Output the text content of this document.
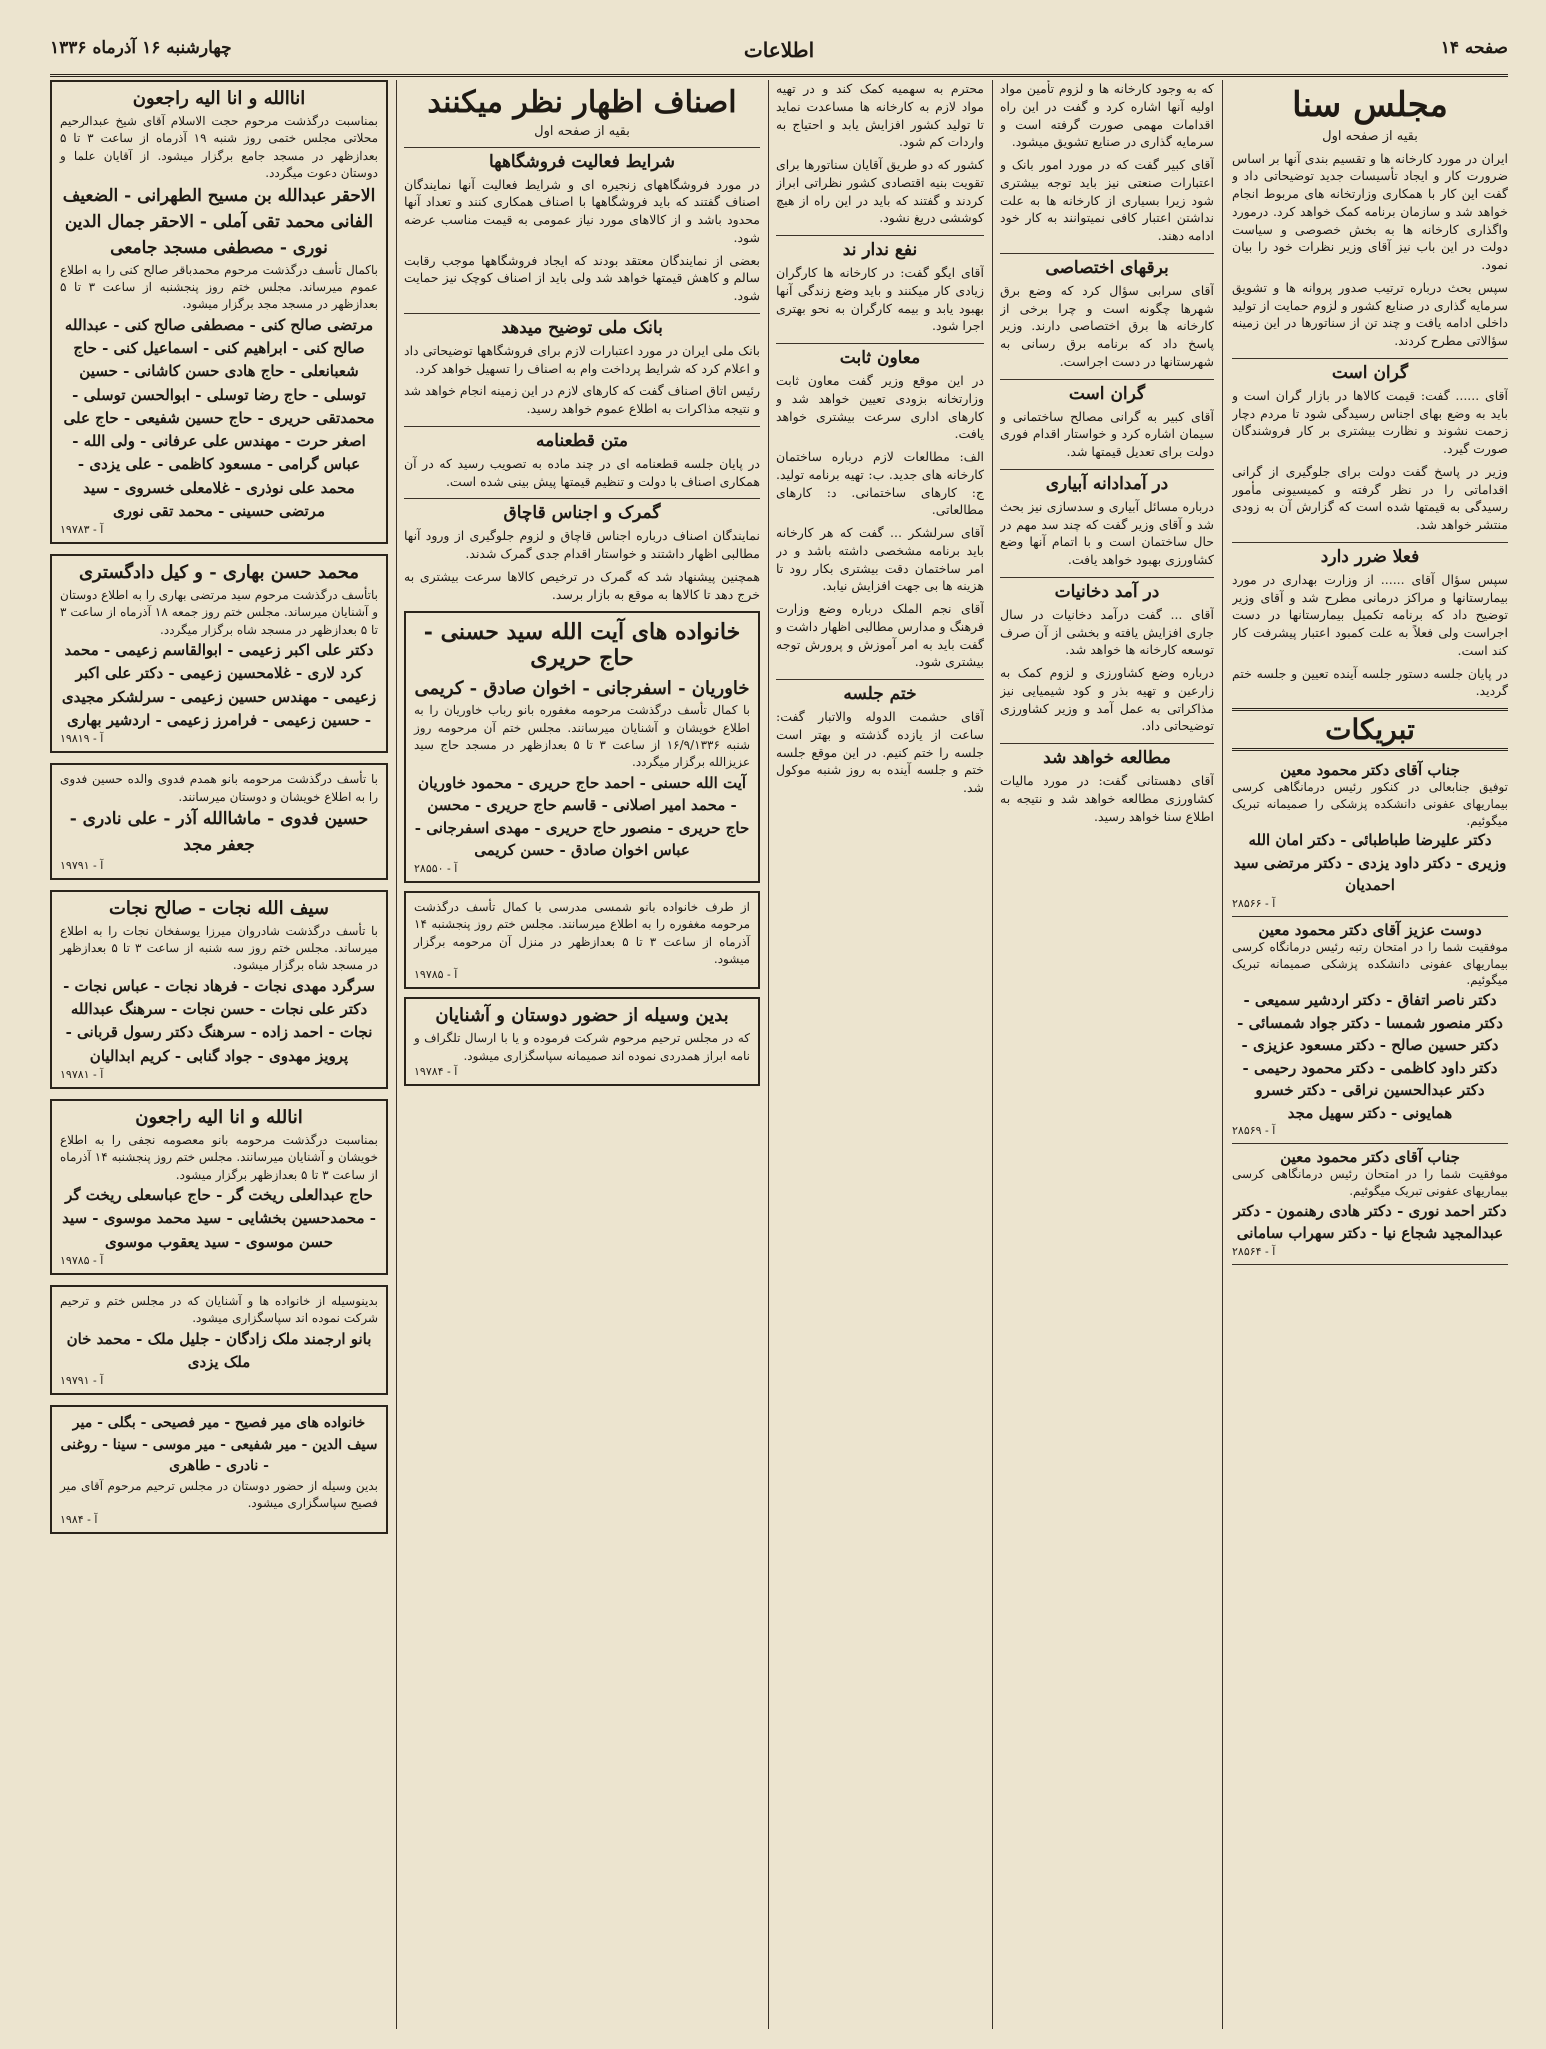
چهارشنبه ۱۶ آذرماه ۱۳۳۶	اطلاعات	صفحه ۱۴
مجلس سنا
بقیه از صفحه اول

ایران در مورد کارخانه ها و تقسیم بندی آنها بر اساس ضرورت کار و ایجاد تأسیسات جدید توضیحاتی داد و گفت این کار با همکاری وزارتخانه های مربوط انجام خواهد شد و سازمان برنامه کمک خواهد کرد. درمورد واگذاری کارخانه ها به بخش خصوصی و سیاست دولت در این باب نیز آقای وزیر نظرات خود را بیان نمود.

سپس بحث درباره ترتیب صدور پروانه ها و تشویق سرمایه گذاری در صنایع کشور و لزوم حمایت از تولید داخلی ادامه یافت و چند تن از سناتورها در این زمینه سؤالاتی مطرح کردند.

گران است

آقای ...... گفت: قیمت کالاها در بازار گران است و باید به وضع بهای اجناس رسیدگی شود تا مردم دچار زحمت نشوند و نظارت بیشتری بر کار فروشندگان صورت گیرد.

وزیر در پاسخ گفت دولت برای جلوگیری از گرانی اقداماتی را در نظر گرفته و کمیسیونی مأمور رسیدگی به قیمتها شده است که گزارش آن به زودی منتشر خواهد شد.

فعلا ضرر دارد

سپس سؤال آقای ...... از وزارت بهداری در مورد بیمارستانها و مراکز درمانی مطرح شد و آقای وزیر توضیح داد که برنامه تکمیل بیمارستانها در دست اجراست ولی فعلاً به علت کمبود اعتبار پیشرفت کار کند است.

در پایان جلسه دستور جلسه آینده تعیین و جلسه ختم گردید.

تبریکات
جناب آقای دکتر محمود معین
توفیق جنابعالی در کنکور رئیس درمانگاهی کرسی بیماریهای عفونی دانشکده پزشکی را صمیمانه تبریک میگوئیم.
دکتر علیرضا طباطبائی - دکتر امان الله وزیری - دکتر داود یزدی - دکتر مرتضی سید احمدیان
آ - ۲۸۵۶۶
دوست عزیز آقای دکتر محمود معین
موفقیت شما را در امتحان رتبه رئیس درمانگاه کرسی بیماریهای عفونی دانشکده پزشکی صمیمانه تبریک میگوئیم.
دکتر ناصر اتفاق - دکتر اردشیر سمیعی - دکتر منصور شمسا - دکتر جواد شمسائی - دکتر حسین صالح - دکتر مسعود عزیزی - دکتر داود کاظمی - دکتر محمود رحیمی - دکتر عبدالحسین نراقی - دکتر خسرو همایونی - دکتر سهیل مجد
آ - ۲۸۵۶۹
جناب آقای دکتر محمود معین
موفقیت شما را در امتحان رئیس درمانگاهی کرسی بیماریهای عفونی تبریک میگوئیم.
دکتر احمد نوری - دکتر هادی رهنمون - دکتر عبدالمجید شجاع نیا - دکتر سهراب سامانی
آ - ۲۸۵۶۴

که به وجود کارخانه ها و لزوم تأمین مواد اولیه آنها اشاره کرد و گفت در این راه اقدامات مهمی صورت گرفته است و سرمایه گذاری در صنایع تشویق میشود.

آقای کبیر گفت که در مورد امور بانک و اعتبارات صنعتی نیز باید توجه بیشتری شود زیرا بسیاری از کارخانه ها به علت نداشتن اعتبار کافی نمیتوانند به کار خود ادامه دهند.

برقهای اختصاصی

آقای سرابی سؤال کرد که وضع برق شهرها چگونه است و چرا برخی از کارخانه ها برق اختصاصی دارند. وزیر پاسخ داد که برنامه برق رسانی به شهرستانها در دست اجراست.

گران است

آقای کبیر به گرانی مصالح ساختمانی و سیمان اشاره کرد و خواستار اقدام فوری دولت برای تعدیل قیمتها شد.

در آمدادانه آبیاری

درباره مسائل آبیاری و سدسازی نیز بحث شد و آقای وزیر گفت که چند سد مهم در حال ساختمان است و با اتمام آنها وضع کشاورزی بهبود خواهد یافت.

در آمد دخانیات

آقای ... گفت درآمد دخانیات در سال جاری افزایش یافته و بخشی از آن صرف توسعه کارخانه ها خواهد شد.

درباره وضع کشاورزی و لزوم کمک به زارعین و تهیه بذر و کود شیمیایی نیز مذاکراتی به عمل آمد و وزیر کشاورزی توضیحاتی داد.

مطالعه خواهد شد

آقای دهستانی گفت: در مورد مالیات کشاورزی مطالعه خواهد شد و نتیجه به اطلاع سنا خواهد رسید.

محترم به سهمیه کمک کند و در تهیه مواد لازم به کارخانه ها مساعدت نماید تا تولید کشور افزایش یابد و احتیاج به واردات کم شود.

کشور که دو طریق آقایان سناتورها برای تقویت بنیه اقتصادی کشور نظراتی ابراز کردند و گفتند که باید در این راه از هیچ کوششی دریغ نشود.

نفع ندار ند

آقای ایگو گفت: در کارخانه ها کارگران زیادی کار میکنند و باید وضع زندگی آنها بهبود یابد و بیمه کارگران به نحو بهتری اجرا شود.

معاون ثابت

در این موقع وزیر گفت معاون ثابت وزارتخانه بزودی تعیین خواهد شد و کارهای اداری سرعت بیشتری خواهد یافت.

الف: مطالعات لازم درباره ساختمان کارخانه های جدید. ب: تهیه برنامه تولید. ج: کارهای ساختمانی. د: کارهای مطالعاتی.

آقای سرلشکر ... گفت که هر کارخانه باید برنامه مشخصی داشته باشد و در امر ساختمان دقت بیشتری بکار رود تا هزینه ها بی جهت افزایش نیابد.

آقای نجم الملک درباره وضع وزارت فرهنگ و مدارس مطالبی اظهار داشت و گفت باید به امر آموزش و پرورش توجه بیشتری شود.

ختم جلسه

آقای حشمت الدوله والاتبار گفت: ساعت از یازده گذشته و بهتر است جلسه را ختم کنیم. در این موقع جلسه ختم و جلسه آینده به روز شنبه موکول شد.

اصناف اظهار نظر میکنند
بقیه از صفحه اول
شرایط فعالیت فروشگاهها

در مورد فروشگاههای زنجیره ای و شرایط فعالیت آنها نمایندگان اصناف گفتند که باید فروشگاهها با اصناف همکاری کنند و تعداد آنها محدود باشد و از کالاهای مورد نیاز عمومی به قیمت مناسب عرضه شود.

بعضی از نمایندگان معتقد بودند که ایجاد فروشگاهها موجب رقابت سالم و کاهش قیمتها خواهد شد ولی باید از اصناف کوچک نیز حمایت شود.

بانک ملی توضیح میدهد

بانک ملی ایران در مورد اعتبارات لازم برای فروشگاهها توضیحاتی داد و اعلام کرد که شرایط پرداخت وام به اصناف را تسهیل خواهد کرد.

رئیس اتاق اصناف گفت که کارهای لازم در این زمینه انجام خواهد شد و نتیجه مذاکرات به اطلاع عموم خواهد رسید.

متن قطعنامه

در پایان جلسه قطعنامه ای در چند ماده به تصویب رسید که در آن همکاری اصناف با دولت و تنظیم قیمتها پیش بینی شده است.

گمرک و اجناس قاچاق

نمایندگان اصناف درباره اجناس قاچاق و لزوم جلوگیری از ورود آنها مطالبی اظهار داشتند و خواستار اقدام جدی گمرک شدند.

همچنین پیشنهاد شد که گمرک در ترخیص کالاها سرعت بیشتری به خرج دهد تا کالاها به موقع به بازار برسد.

خانواده های آیت الله سید حسنی - حاج حریری
خاوریان - اسفرجانی - اخوان صادق - کریمی
با کمال تأسف درگذشت مرحومه مغفوره بانو رباب خاوریان را به اطلاع خویشان و آشنایان میرسانند. مجلس ختم آن مرحومه روز شنبه ۱۶/۹/۱۳۳۶ از ساعت ۳ تا ۵ بعدازظهر در مسجد حاج سید عزیزالله برگزار میگردد.
آیت الله حسنی - احمد حاج حریری - محمود خاوریان - محمد امیر اصلانی - قاسم حاج حریری - محسن حاج حریری - منصور حاج حریری - مهدی اسفرجانی - عباس اخوان صادق - حسن کریمی
آ - ۲۸۵۵۰
از طرف خانواده بانو شمسی مدرسی با کمال تأسف درگذشت مرحومه مغفوره را به اطلاع میرسانند. مجلس ختم روز پنجشنبه ۱۴ آذرماه از ساعت ۳ تا ۵ بعدازظهر در منزل آن مرحومه برگزار میشود.
آ - ۱۹۷۸۵
بدین وسیله از حضور دوستان و آشنایان
که در مجلس ترحیم مرحوم شرکت فرموده و یا با ارسال تلگراف و نامه ابراز همدردی نموده اند صمیمانه سپاسگزاری میشود.
آ - ۱۹۷۸۴
اناالله و انا الیه راجعون
بمناسبت درگذشت مرحوم حجت الاسلام آقای شیخ عبدالرحیم محلاتی مجلس ختمی روز شنبه ۱۹ آذرماه از ساعت ۳ تا ۵ بعدازظهر در مسجد جامع برگزار میشود. از آقایان علما و دوستان دعوت میگردد.
الاحقر عبدالله بن مسیح الطهرانی - الضعیف الفانی محمد تقی آملی - الاحقر جمال الدین نوری - مصطفی مسجد جامعی
باکمال تأسف درگذشت مرحوم محمدباقر صالح کنی را به اطلاع عموم میرساند. مجلس ختم روز پنجشنبه از ساعت ۳ تا ۵ بعدازظهر در مسجد مجد برگزار میشود.
مرتضی صالح کنی - مصطفی صالح کنی - عبدالله صالح کنی - ابراهیم کنی - اسماعیل کنی - حاج شعبانعلی - حاج هادی حسن کاشانی - حسین توسلی - حاج رضا توسلی - ابوالحسن توسلی - محمدتقی حریری - حاج حسین شفیعی - حاج علی اصغر حرت - مهندس علی عرفانی - ولی الله - عباس گرامی - مسعود کاظمی - علی یزدی - محمد علی نوذری - غلامعلی خسروی - سید مرتضی حسینی - محمد تقی نوری
آ - ۱۹۷۸۳
محمد حسن بهاری - و کیل دادگستری
باتأسف درگذشت مرحوم سید مرتضی بهاری را به اطلاع دوستان و آشنایان میرساند. مجلس ختم روز جمعه ۱۸ آذرماه از ساعت ۳ تا ۵ بعدازظهر در مسجد شاه برگزار میگردد.
دکتر علی اکبر زعیمی - ابوالقاسم زعیمی - محمد کرد لاری - غلامحسین زعیمی - دکتر علی اکبر زعیمی - مهندس حسین زعیمی - سرلشکر مجیدی - حسین زعیمی - فرامرز زعیمی - اردشیر بهاری
آ - ۱۹۸۱۹
با تأسف درگذشت مرحومه بانو همدم فدوی والده حسین فدوی را به اطلاع خویشان و دوستان میرسانند.
حسین فدوی - ماشاالله آذر - علی نادری - جعفر مجد
آ - ۱۹۷۹۱
سیف الله نجات - صالح نجات
با تأسف درگذشت شادروان میرزا یوسفخان نجات را به اطلاع میرساند. مجلس ختم روز سه شنبه از ساعت ۳ تا ۵ بعدازظهر در مسجد شاه برگزار میشود.
سرگرد مهدی نجات - فرهاد نجات - عباس نجات - دکتر علی نجات - حسن نجات - سرهنگ عبدالله نجات - احمد زاده - سرهنگ دکتر رسول قربانی - پرویز مهدوی - جواد گنابی - کریم ابدالیان
آ - ۱۹۷۸۱
انالله و انا الیه راجعون
بمناسبت درگذشت مرحومه بانو معصومه نجفی را به اطلاع خویشان و آشنایان میرسانند. مجلس ختم روز پنجشنبه ۱۴ آذرماه از ساعت ۳ تا ۵ بعدازظهر برگزار میشود.
حاج عبدالعلی ریخت گر - حاج عباسعلی ریخت گر - محمدحسین بخشایی - سید محمد موسوی - سید حسن موسوی - سید یعقوب موسوی
آ - ۱۹۷۸۵
بدینوسیله از خانواده ها و آشنایان که در مجلس ختم و ترحیم شرکت نموده اند سپاسگزاری میشود.
بانو ارجمند ملک زادگان - جلیل ملک - محمد خان ملک یزدی
آ - ۱۹۷۹۱
خانواده های میر فصیح - میر فصیحی - بگلی - میر سیف الدین - میر شفیعی - میر موسی - سینا - روغنی - نادری - طاهری
بدین وسیله از حضور دوستان در مجلس ترحیم مرحوم آقای میر فصیح سپاسگزاری میشود.
آ - ۱۹۸۴
